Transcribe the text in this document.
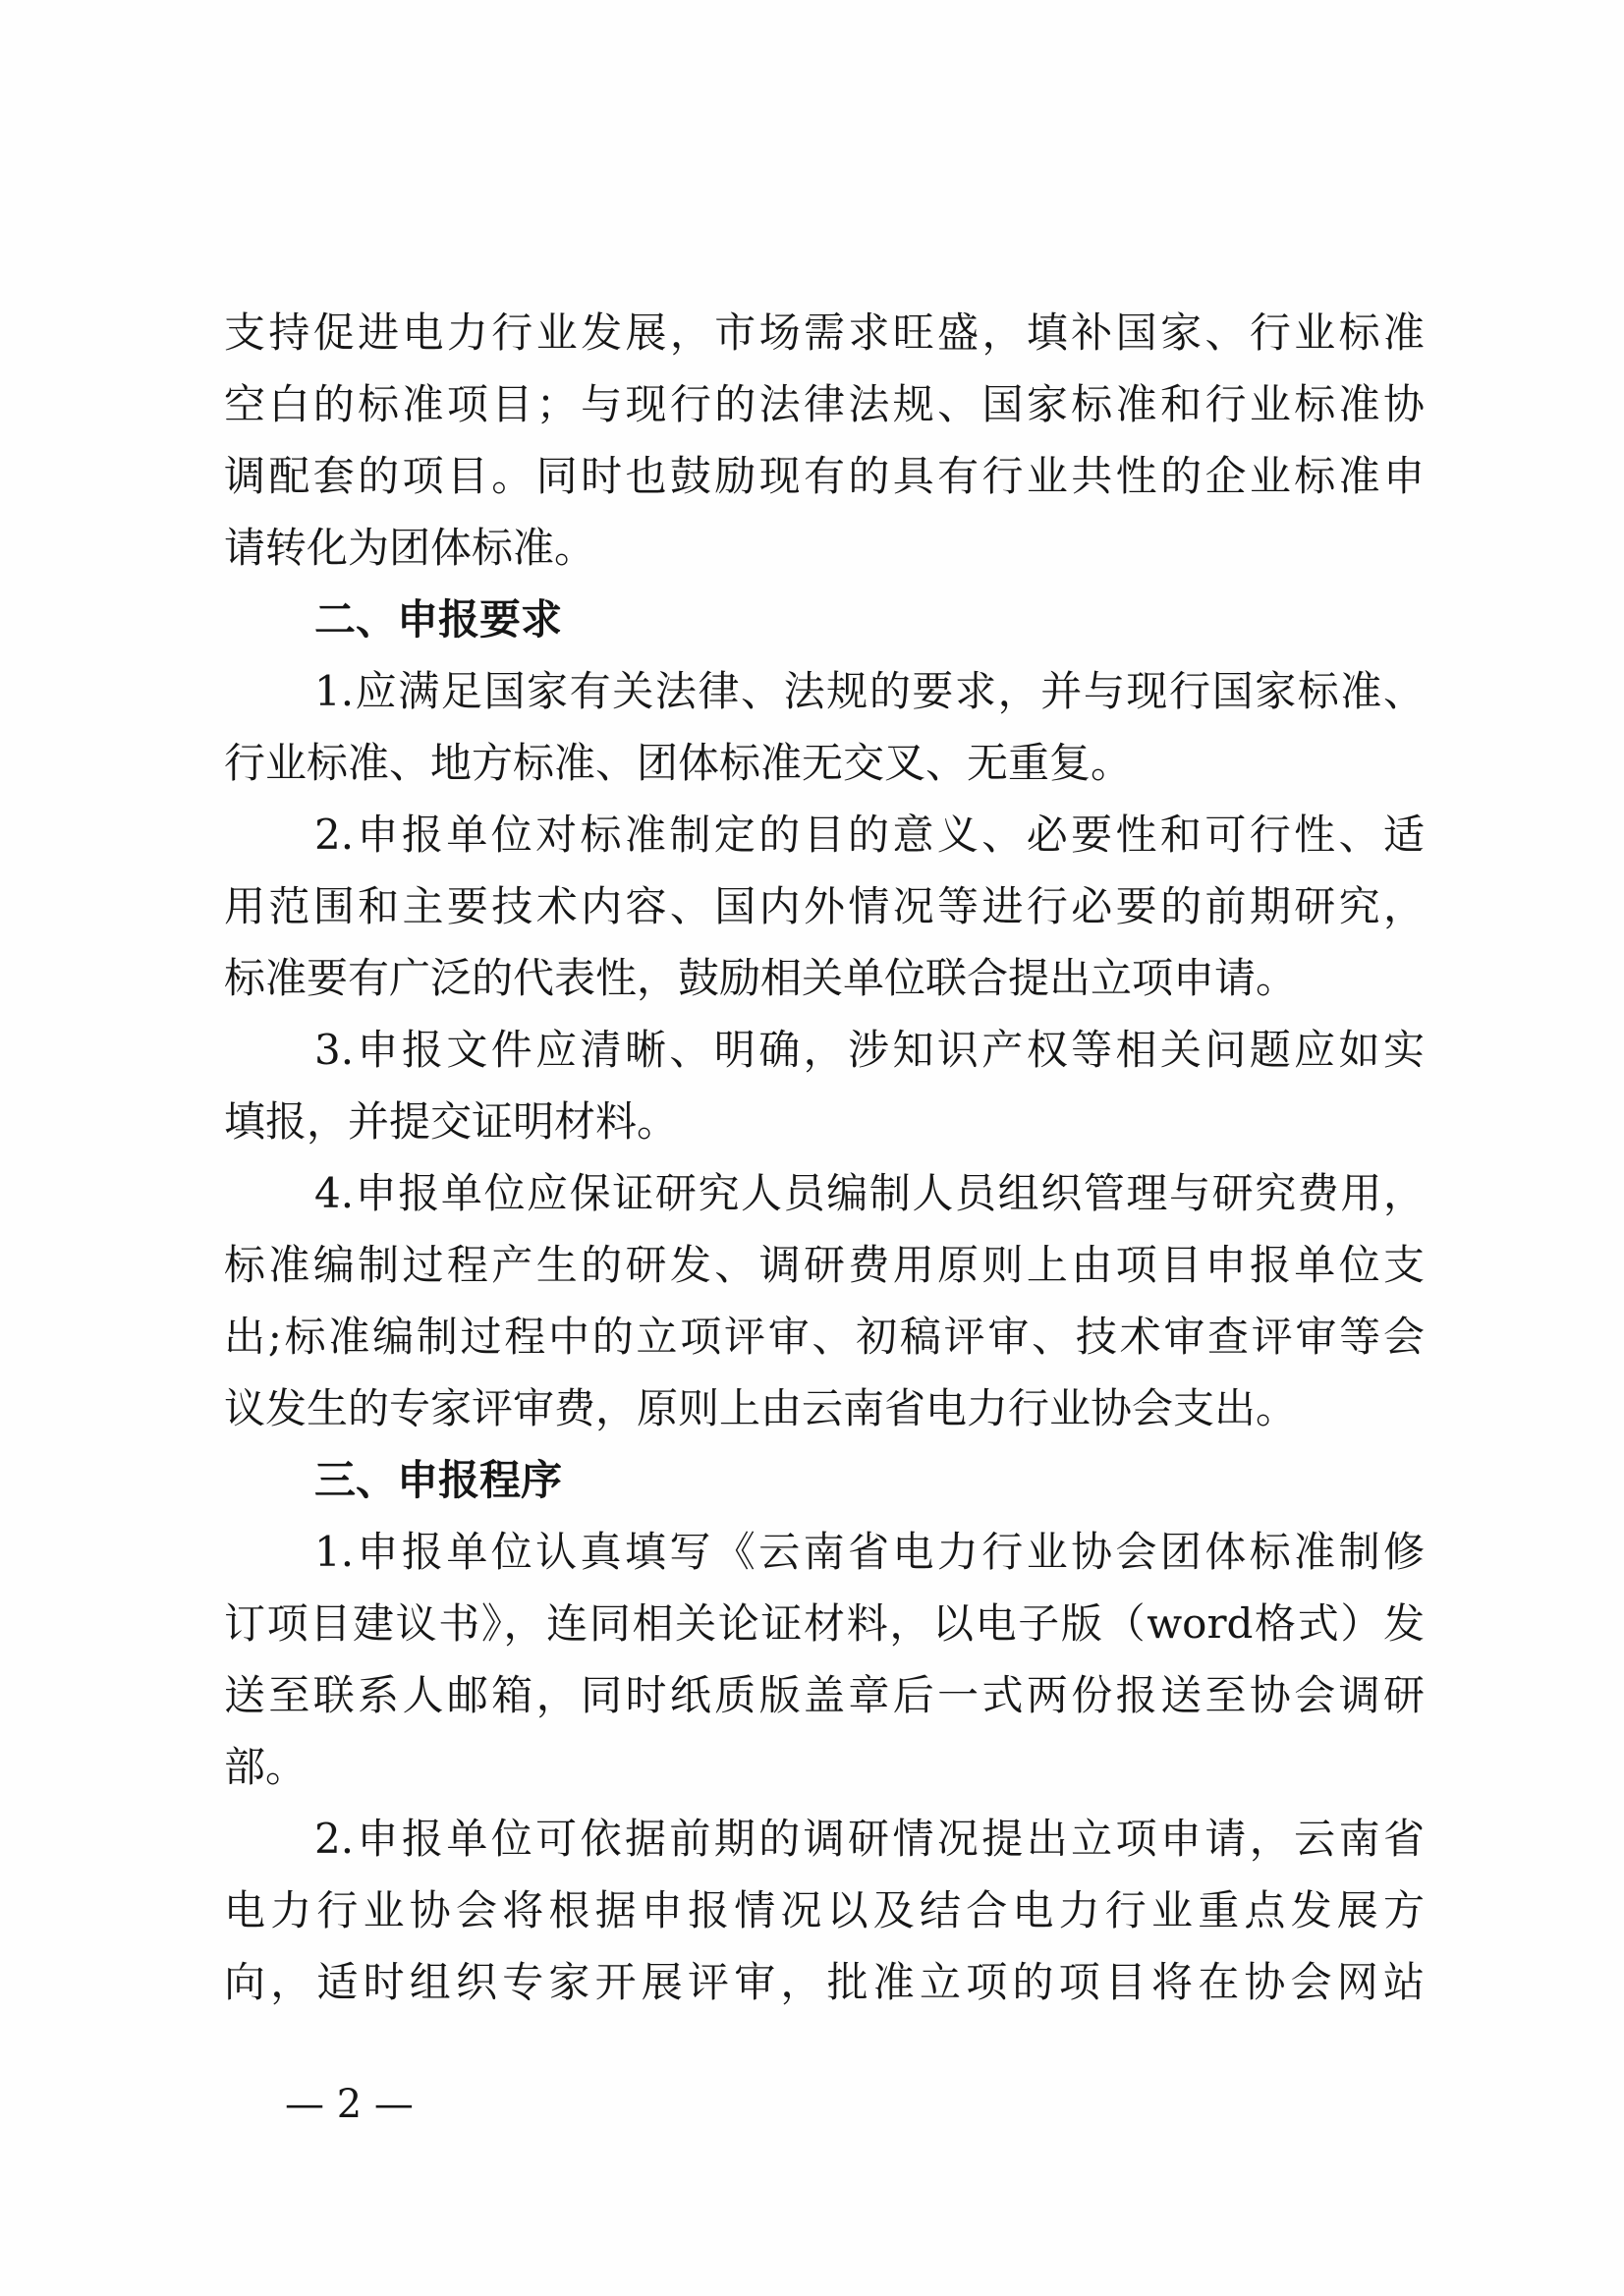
支持促进电力行业发展，市场需求旺盛，填补国家、行业标准
空白的标准项目；与现行的法律法规、国家标准和行业标准协
调配套的项目。同时也鼓励现有的具有行业共性的企业标准申
请转化为团体标准。
二、申报要求
1.应满足国家有关法律、法规的要求，并与现行国家标准、
行业标准、地方标准、团体标准无交叉、无重复。
2.申报单位对标准制定的目的意义、必要性和可行性、适
用范围和主要技术内容、国内外情况等进行必要的前期研究，
标准要有广泛的代表性，鼓励相关单位联合提出立项申请。
3.申报文件应清晰、明确，涉知识产权等相关问题应如实
填报，并提交证明材料。
4.申报单位应保证研究人员编制人员组织管理与研究费用，
标准编制过程产生的研发、调研费用原则上由项目申报单位支
出;标准编制过程中的立项评审、初稿评审、技术审查评审等会
议发生的专家评审费，原则上由云南省电力行业协会支出。
三、申报程序
1.申报单位认真填写《云南省电力行业协会团体标准制修
订项目建议书》，连同相关论证材料，以电子版（word格式）发
送至联系人邮箱，同时纸质版盖章后一式两份报送至协会调研
部。
2.申报单位可依据前期的调研情况提出立项申请，云南省
电力行业协会将根据申报情况以及结合电力行业重点发展方
向，适时组织专家开展评审，批准立项的项目将在协会网站
— 2 —
